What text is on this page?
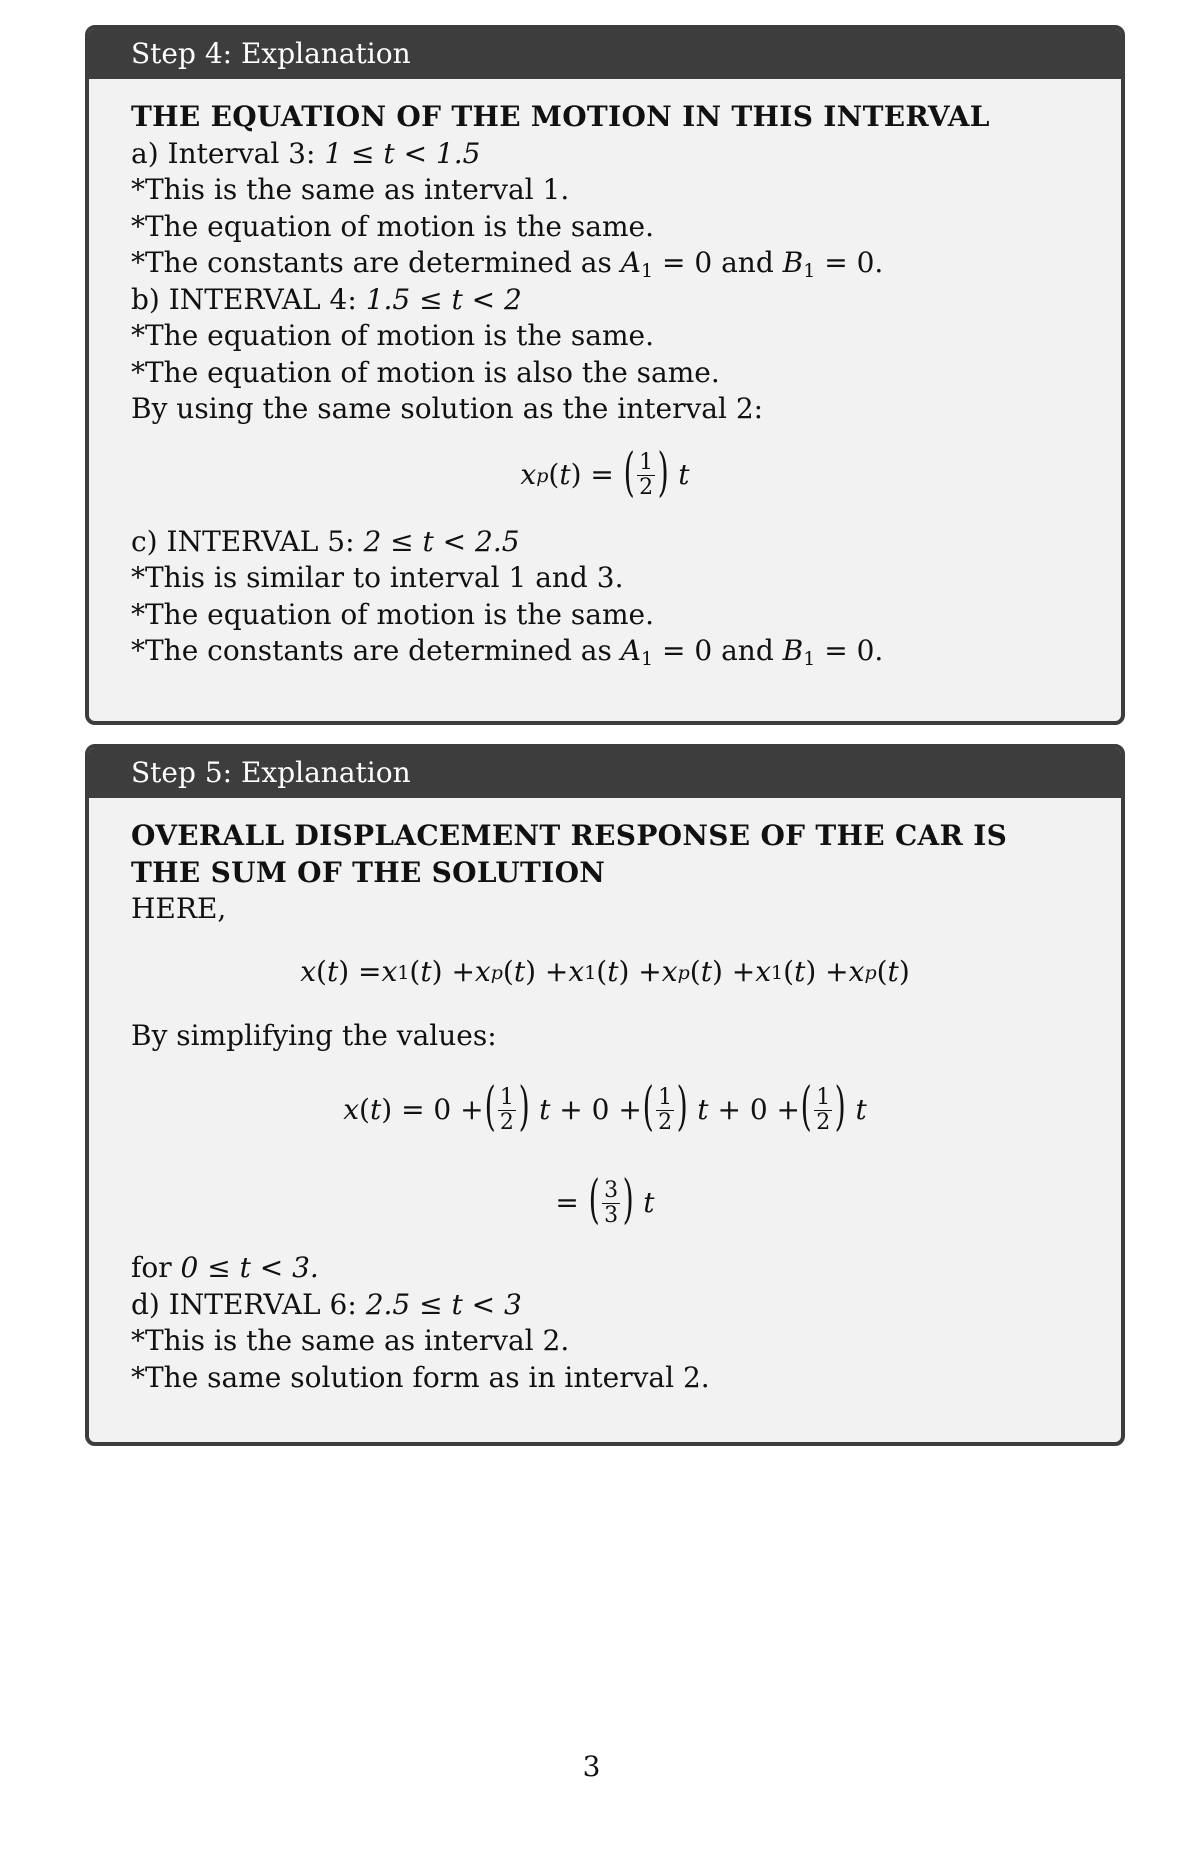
Step 4: Explanation
THE EQUATION OF THE MOTION IN THIS INTERVAL
a) Interval 3: 1 ≤ t < 1.5
*This is the same as interval 1.
*The equation of motion is the same.
*The constants are determined as $A_1 = 0$ and $B_1 = 0$.
b) INTERVAL 4: 1.5 ≤ t < 2
*The equation of motion is the same.
*The equation of motion is also the same.
By using the same solution as the interval 2:
x p ( t ) = ( $\frac{1}{2}$ )
t
c) INTERVAL 5: 2 ≤ t < 2.5
*This is similar to interval 1 and 3.
*The equation of motion is the same.
*The constants are determined as $A_1 = 0$ and $B_1 = 0$.
Step 5: Explanation
OVERALL DISPLACEMENT RESPONSE OF THE CAR IS
THE SUM OF THE SOLUTION
HERE,
x ( t ) = x 1 ( t ) + x p ( t ) + x 1 ( t ) + x p ( t ) + x 1 ( t ) + x p ( t )
By simplifying the values:
x ( t ) = 0 + ( $\frac{1}{2}$ ) t + 0 + ( $\frac{1}{2}$ ) t + 0 + ( $\frac{1}{2}$ ) t
= ( $\frac{3}{3}$ )
t
for 0 ≤ t < 3.
d) INTERVAL 6: 2.5 ≤ t < 3
*This is the same as interval 2.
*The same solution form as in interval 2.
3
